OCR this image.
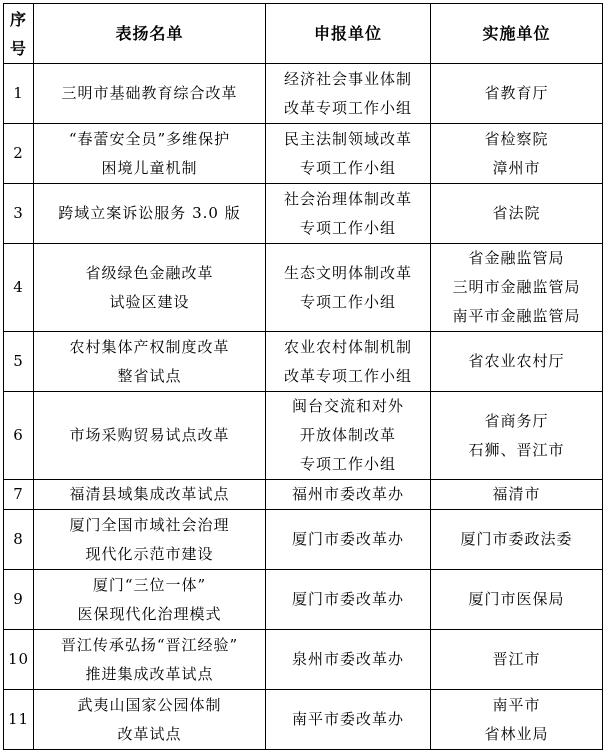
序
号	表扬名单	申报单位	实施单位

1	三明市基础教育综合改革	经济社会事业体制
改革专项工作小组	省教育厅

2	“春蕾安全员”多维保护
困境儿童机制	民主法制领域改革
专项工作小组	省检察院
漳州市

3	跨域立案诉讼服务 3.0 版	社会治理体制改革
专项工作小组	省法院

4	省级绿色金融改革
试验区建设	生态文明体制改革
专项工作小组	省金融监管局
三明市金融监管局
南平市金融监管局

5	农村集体产权制度改革
整省试点	农业农村体制机制
改革专项工作小组	省农业农村厅

6	市场采购贸易试点改革	闽台交流和对外
开放体制改革
专项工作小组	省商务厅
石狮、晋江市

7	福清县域集成改革试点	福州市委改革办	福清市

8	厦门全国市域社会治理
现代化示范市建设	厦门市委改革办	厦门市委政法委

9	厦门“三位一体”
医保现代化治理模式	厦门市委改革办	厦门市医保局

10	晋江传承弘扬“晋江经验”
推进集成改革试点	泉州市委改革办	晋江市

11	武夷山国家公园体制
改革试点	南平市委改革办	南平市
省林业局
